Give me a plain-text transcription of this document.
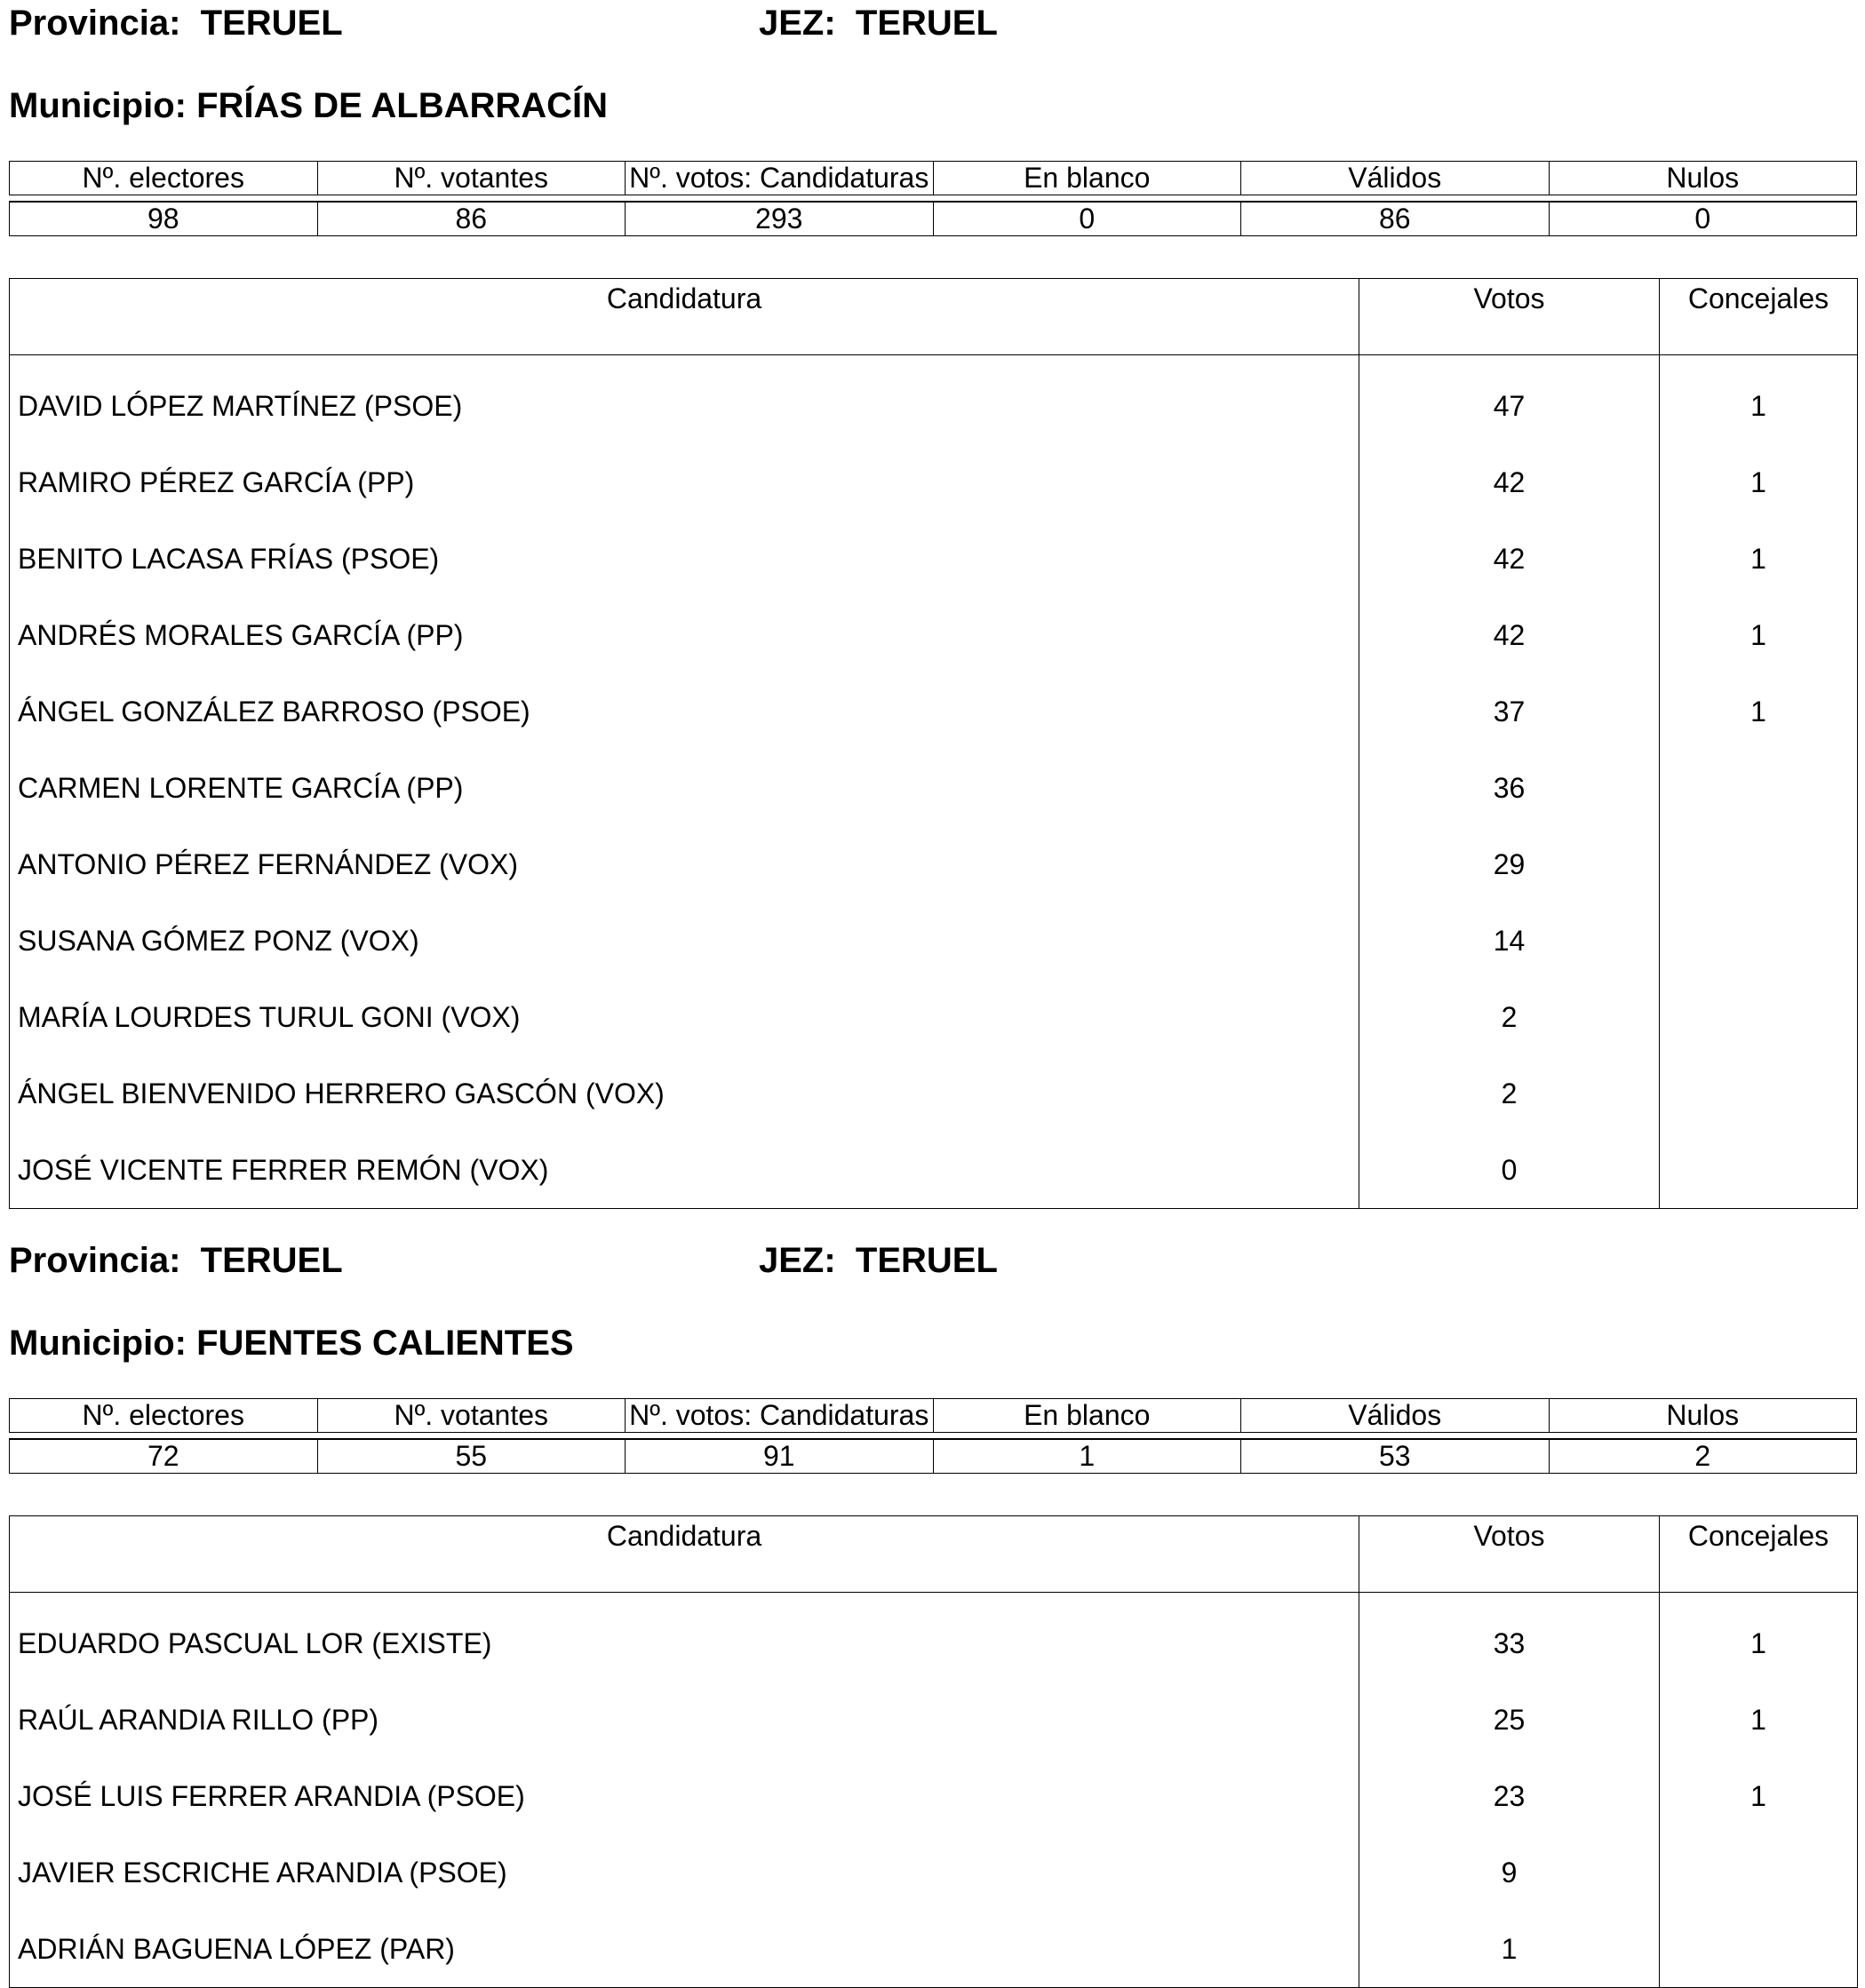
Provincia: TERUEL	JEZ: TERUEL
Municipio: FRÍAS DE ALBARRACÍN
Nº. electores	Nº. votantes	Nº. votos: Candidaturas	En blanco	Válidos	Nulos

98	86	293	0	86	0
Candidatura	Votos	Concejales
DAVID LÓPEZ MARTÍNEZ (PSOE)	47	1
RAMIRO PÉREZ GARCÍA (PP)	42	1
BENITO LACASA FRÍAS (PSOE)	42	1
ANDRÉS MORALES GARCÍA (PP)	42	1
ÁNGEL GONZÁLEZ BARROSO (PSOE)	37	1
CARMEN LORENTE GARCÍA (PP)	36	
ANTONIO PÉREZ FERNÁNDEZ (VOX)	29	
SUSANA GÓMEZ PONZ (VOX)	14	
MARÍA LOURDES TURUL GONI (VOX)	2	
ÁNGEL BIENVENIDO HERRERO GASCÓN (VOX)	2	
JOSÉ VICENTE FERRER REMÓN (VOX)	0	
Provincia: TERUEL	JEZ: TERUEL
Municipio: FUENTES CALIENTES
Nº. electores	Nº. votantes	Nº. votos: Candidaturas	En blanco	Válidos	Nulos

72	55	91	1	53	2
Candidatura	Votos	Concejales
EDUARDO PASCUAL LOR (EXISTE)	33	1
RAÚL ARANDIA RILLO (PP)	25	1
JOSÉ LUIS FERRER ARANDIA (PSOE)	23	1
JAVIER ESCRICHE ARANDIA (PSOE)	9	
ADRIÁN BAGUENA LÓPEZ (PAR)	1	
